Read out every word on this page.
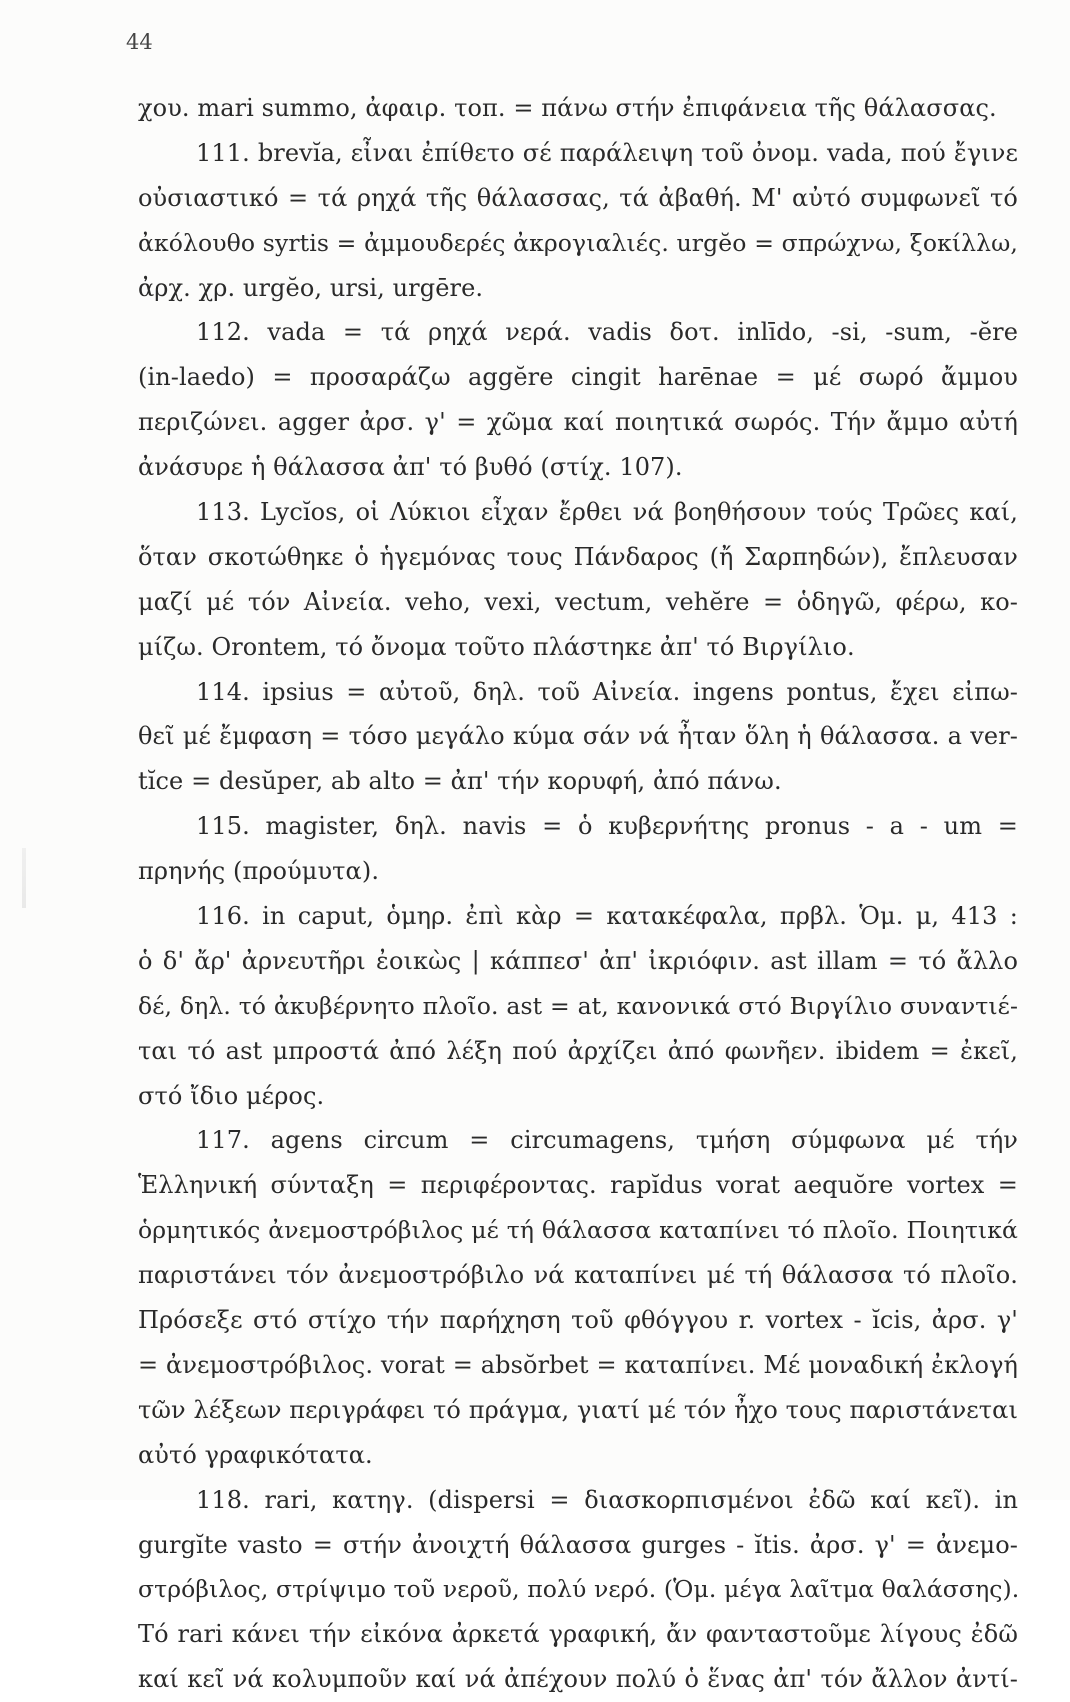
44
χου. mari summo, ἀφαιρ. τοπ. = πάνω στήν ἐπιφάνεια τῆς θάλασσας.
111. brevĭa, εἶναι ἐπίθετο σέ παράλειψη τοῦ ὀνομ. vada, πού ἔγινε
οὐσιαστικό = τά ρηχά τῆς θάλασσας, τά ἀβαθή. Μ' αὐτό συμφωνεῖ τό
ἀκόλουθο syrtis = ἀμμουδερές ἀκρογιαλιές. urgĕo = σπρώχνω, ξοκίλλω,
ἀρχ. χρ. urgĕo, ursi, urgēre.
112. vada = τά ρηχά νερά. vadis δοτ. inlīdo, -si, -sum, -ĕre
(in-laedo) = προσαράζω aggĕre cingit harēnae = μέ σωρό ἄμμου
περιζώνει. agger ἀρσ. γ' = χῶμα καί ποιητικά σωρός. Τήν ἄμμο αὐτή
ἀνάσυρε ἡ θάλασσα ἀπ' τό βυθό (στίχ. 107).
113. Lycĭos, οἱ Λύκιοι εἶχαν ἔρθει νά βοηθήσουν τούς Τρῶες καί,
ὅταν σκοτώθηκε ὁ ἡγεμόνας τους Πάνδαρος (ἤ Σαρπηδών), ἔπλευσαν
μαζί μέ τόν Αἰνεία. veho, vexi, vectum, vehĕre = ὁδηγῶ, φέρω, κο-
μίζω. Orontem, τό ὄνομα τοῦτο πλάστηκε ἀπ' τό Βιργίλιο.
114. ipsius = αὐτοῦ, δηλ. τοῦ Αἰνεία. ingens pontus, ἔχει εἰπω-
θεῖ μέ ἔμφαση = τόσο μεγάλο κύμα σάν νά ἦταν ὅλη ἡ θάλασσα. a ver-
tĭce = desŭper, ab alto = ἀπ' τήν κορυφή, ἀπό πάνω.
115. magister, δηλ. navis = ὁ κυβερνήτης pronus - a - um =
πρηνής (προύμυτα).
116. in caput, ὁμηρ. ἐπὶ κὰρ = κατακέφαλα, πρβλ. Ὁμ. μ, 413 :
ὁ δ' ἄρ' ἀρνευτῆρι ἐοικὼς | κάππεσ' ἀπ' ἰκριόφιν. ast illam = τό ἄλλο
δέ, δηλ. τό ἀκυβέρνητο πλοῖο. ast = at, κανονικά στό Βιργίλιο συναντιέ-
ται τό ast μπροστά ἀπό λέξη πού ἀρχίζει ἀπό φωνῆεν. ibidem = ἐκεῖ,
στό ἴδιο μέρος.
117. agens circum = circumagens, τμήση σύμφωνα μέ τήν
Ἑλληνική σύνταξη = περιφέροντας. rapĭdus vorat aequŏre vortex =
ὁρμητικός ἀνεμοστρόβιλος μέ τή θάλασσα καταπίνει τό πλοῖο. Ποιητικά
παριστάνει τόν ἀνεμοστρόβιλο νά καταπίνει μέ τή θάλασσα τό πλοῖο.
Πρόσεξε στό στίχο τήν παρήχηση τοῦ φθόγγου r. vortex - ĭcis, ἀρσ. γ'
= ἀνεμοστρόβιλος. vorat = absŏrbet = καταπίνει. Μέ μοναδική ἐκλογή
τῶν λέξεων περιγράφει τό πράγμα, γιατί μέ τόν ἦχο τους παριστάνεται
αὐτό γραφικότατα.
118. rari, κατηγ. (dispersi = διασκορπισμένοι ἐδῶ καί κεῖ). in
gurgĭte vasto = στήν ἀνοιχτή θάλασσα gurges - ĭtis. ἀρσ. γ' = ἀνεμο-
στρόβιλος, στρίψιμο τοῦ νεροῦ, πολύ νερό. (Ὁμ. μέγα λαῖτμα θαλάσσης).
Τό rari κάνει τήν εἰκόνα ἀρκετά γραφική, ἄν φανταστοῦμε λίγους ἐδῶ
καί κεῖ νά κολυμποῦν καί νά ἀπέχουν πολύ ὁ ἕνας ἀπ' τόν ἄλλον ἀντί-
